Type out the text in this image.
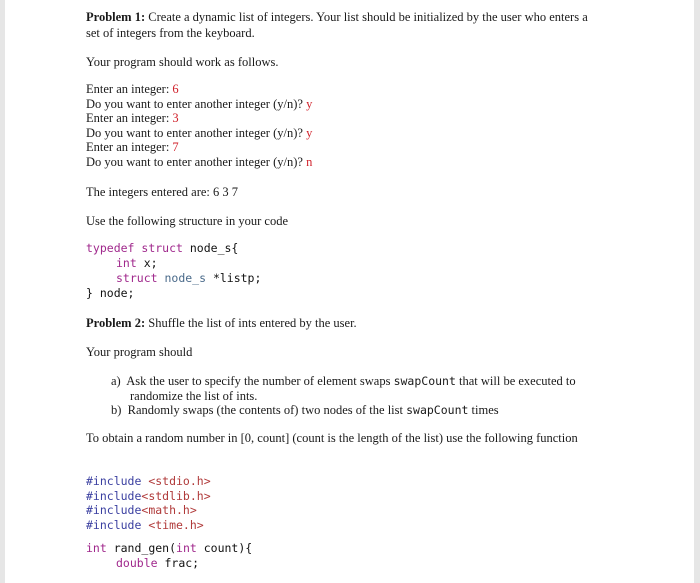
Problem 1: Create a dynamic list of integers. Your list should be initialized by the user who enters a
set of integers from the keyboard.
Your program should work as follows.
Enter an integer: 6
Do you want to enter another integer (y/n)? y
Enter an integer: 3
Do you want to enter another integer (y/n)? y
Enter an integer: 7
Do you want to enter another integer (y/n)? n
The integers entered are: 6 3 7
Use the following structure in your code
typedef struct node_s{
int x;
struct node_s *listp;
} node;
Problem 2: Shuffle the list of ints entered by the user.
Your program should
a) Ask the user to specify the number of element swaps swapCount that will be executed to
randomize the list of ints.
b) Randomly swaps (the contents of) two nodes of the list swapCount times
To obtain a random number in [0, count] (count is the length of the list) use the following function
#include <stdio.h>
#include<stdlib.h>
#include<math.h>
#include <time.h>
int rand_gen(int count){
double frac;
